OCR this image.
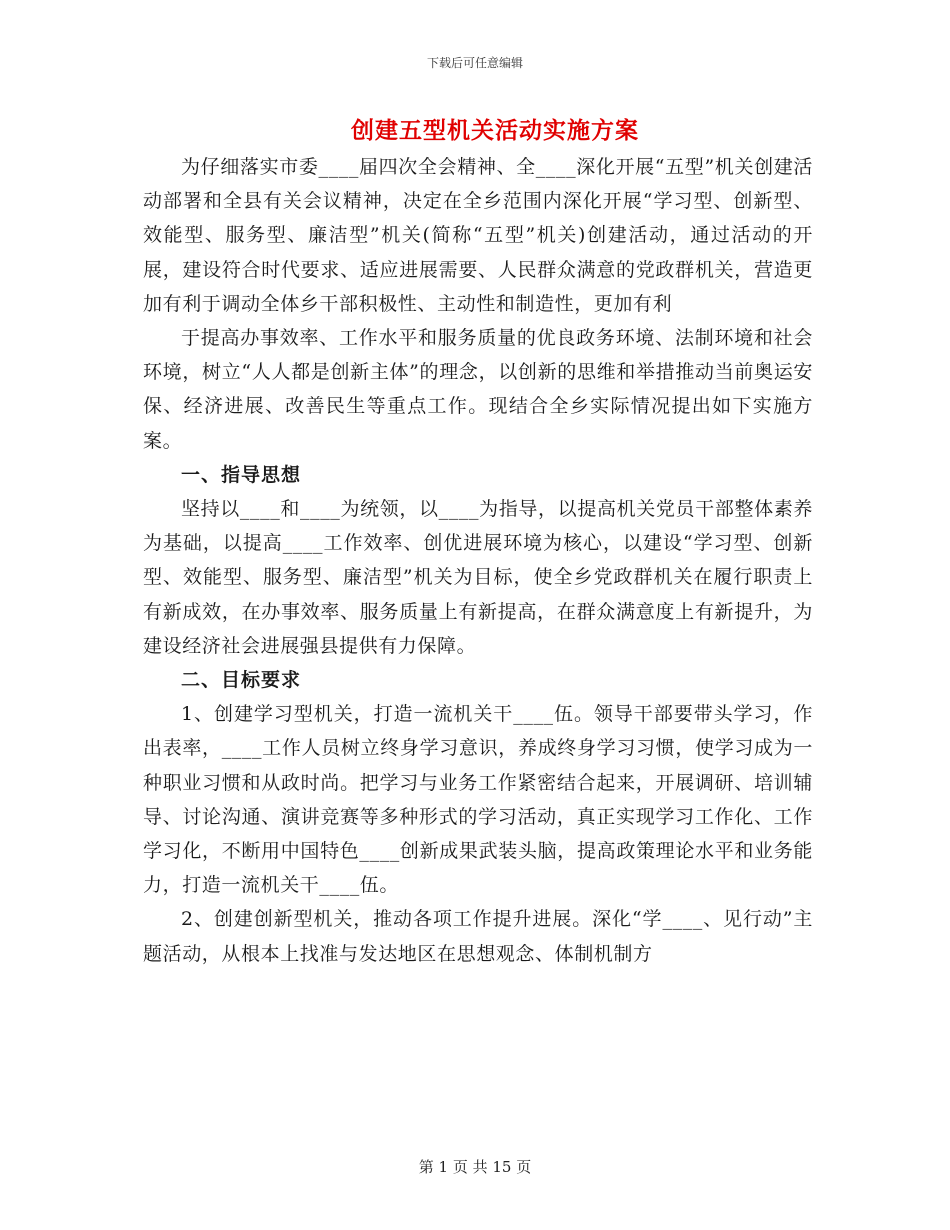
下载后可任意编辑
创建五型机关活动实施方案

为仔细落实市委____届四次全会精神、全____深化开展“五型”机关创建活动部署和全县有关会议精神，决定在全乡范围内深化开展“学习型、创新型、效能型、服务型、廉洁型”机关(简称“五型”机关)创建活动，通过活动的开展，建设符合时代要求、适应进展需要、人民群众满意的党政群机关，营造更加有利于调动全体乡干部积极性、主动性和制造性，更加有利

于提高办事效率、工作水平和服务质量的优良政务环境、法制环境和社会环境，树立“人人都是创新主体”的理念，以创新的思维和举措推动当前奥运安保、经济进展、改善民生等重点工作。现结合全乡实际情况提出如下实施方案。

一、指导思想

坚持以____和____为统领，以____为指导，以提高机关党员干部整体素养为基础，以提高____工作效率、创优进展环境为核心，以建设“学习型、创新型、效能型、服务型、廉洁型”机关为目标，使全乡党政群机关在履行职责上有新成效，在办事效率、服务质量上有新提高，在群众满意度上有新提升，为建设经济社会进展强县提供有力保障。

二、目标要求

1、创建学习型机关，打造一流机关干____伍。领导干部要带头学习，作出表率，____工作人员树立终身学习意识，养成终身学习习惯，使学习成为一种职业习惯和从政时尚。把学习与业务工作紧密结合起来，开展调研、培训辅导、讨论沟通、演讲竞赛等多种形式的学习活动，真正实现学习工作化、工作学习化，不断用中国特色____创新成果武装头脑，提高政策理论水平和业务能力，打造一流机关干____伍。

2、创建创新型机关，推动各项工作提升进展。深化“学____、见行动”主题活动，从根本上找准与发达地区在思想观念、体制机制方

第 1 页 共 15 页
